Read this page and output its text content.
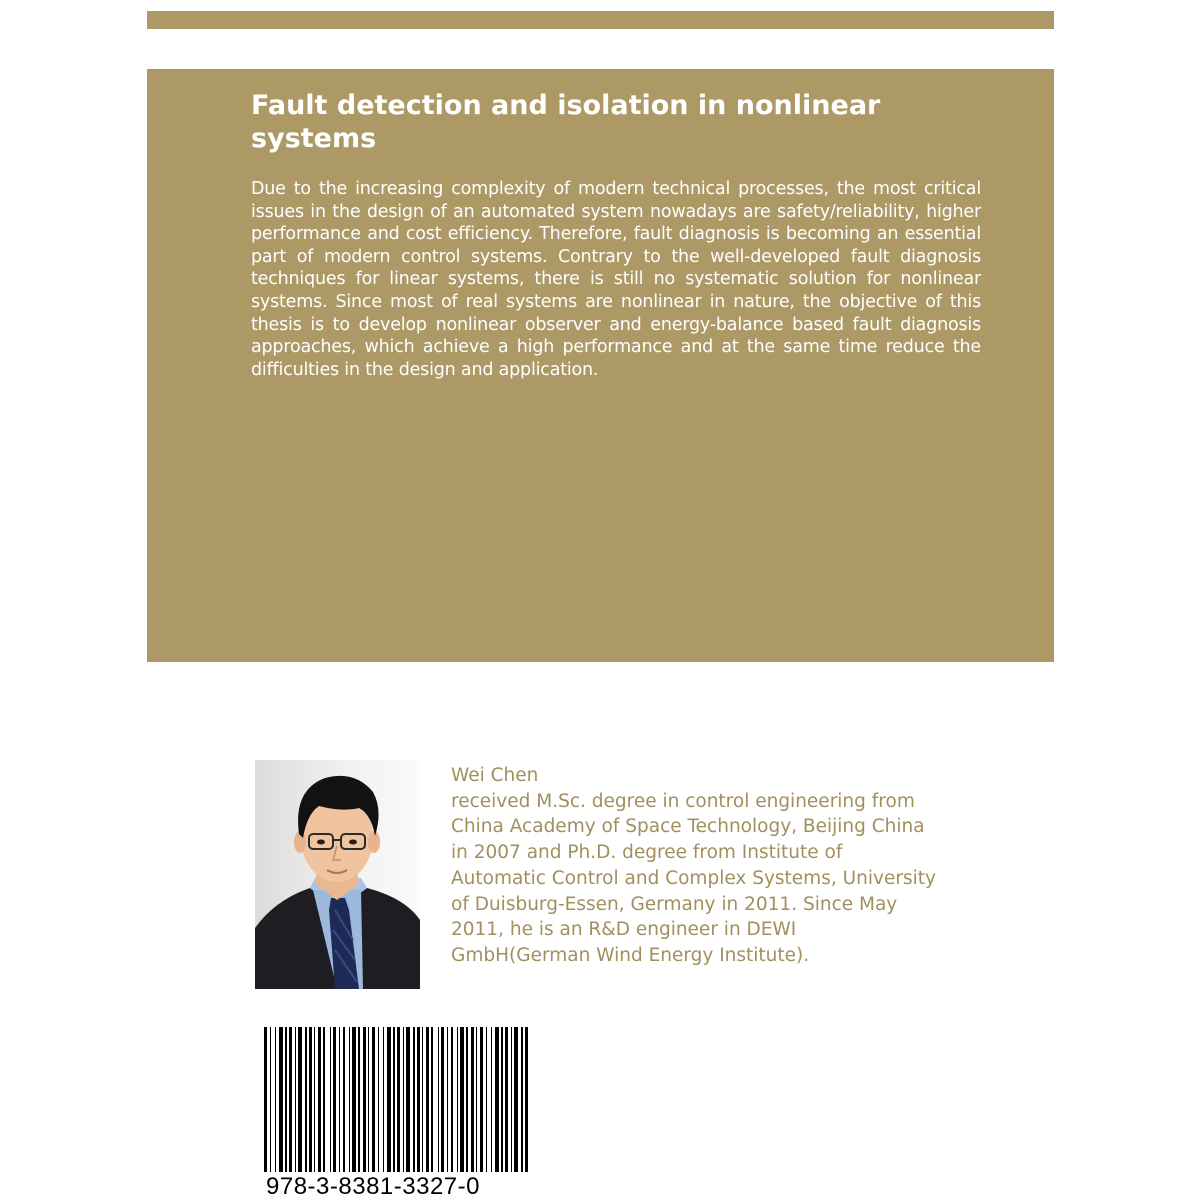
Fault detection and isolation in nonlinear systems

Due to the increasing complexity of modern technical processes, the most critical issues in the design of an automated system nowadays are safety/reliability, higher performance and cost efficiency. Therefore, fault diagnosis is becoming an essential part of modern control systems. Contrary to the well-developed fault diagnosis techniques for linear systems, there is still no systematic solution for nonlinear systems. Since most of real systems are nonlinear in nature, the objective of this thesis is to develop nonlinear observer and energy-balance based fault diagnosis approaches, which achieve a high performance and at the same time reduce the difficulties in the design and application.

Wei Chen
received M.Sc. degree in control engineering from
China Academy of Space Technology, Beijing China
in 2007 and Ph.D. degree from Institute of
Automatic Control and Complex Systems, University
of Duisburg-Essen, Germany in 2011. Since May
2011, he is an R&D engineer in DEWI
GmbH(German Wind Energy Institute).
978-3-8381-3327-0
